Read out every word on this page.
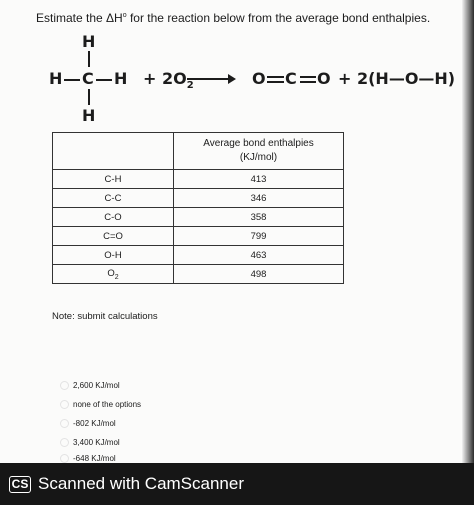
Estimate the $\Delta H^o$ for the reaction below from the average bond enthalpies.
H
H C H
H
+ $2O_2$	O C O + 2(H—O—H)
	Average bond enthalpies
(KJ/mol)
C-H	413
C-C	346
C-O	358
C=O	799
O-H	463
$O_2$	498
Note: submit calculations
2,600 KJ/mol
none of the options
-802 KJ/mol
3,400 KJ/mol
-648 KJ/mol
CS Scanned with CamScanner
